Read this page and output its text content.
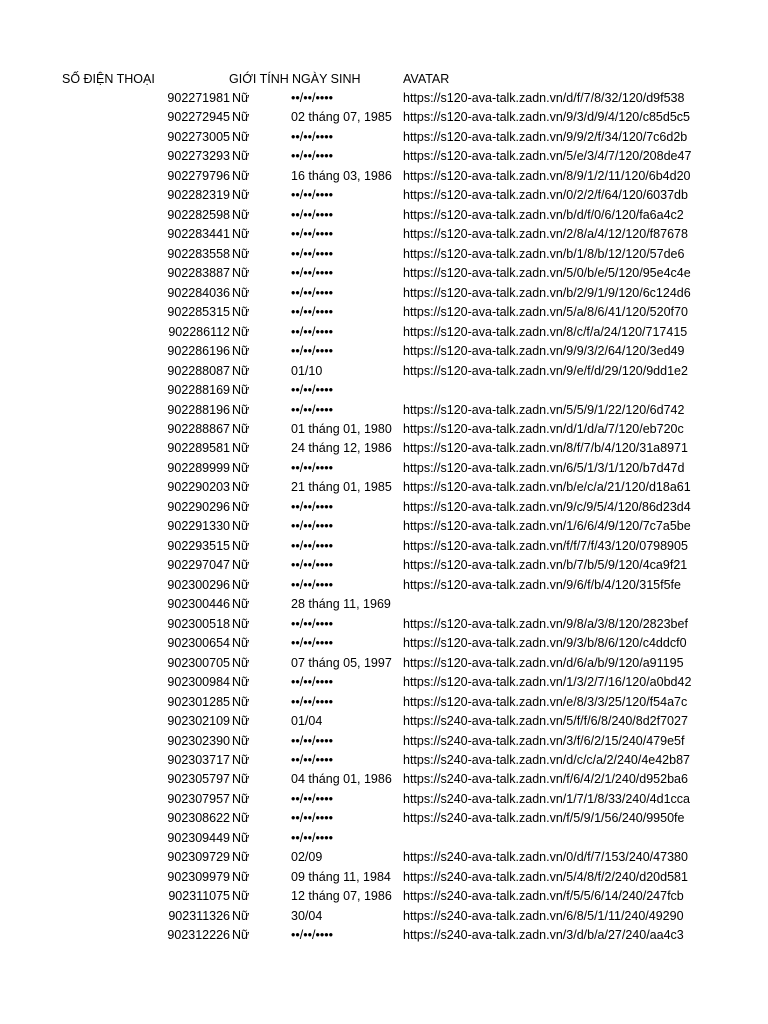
SỐ ĐIỆN THOẠI	GIỚI TÍNH NGÀY SINH	AVATAR
902271981 Nữ	••/••/••••	https://s120-ava-talk.zadn.vn/d/f/7/8/32/120/d9f538
902272945 Nữ	02 tháng 07, 1985 https://s120-ava-talk.zadn.vn/9/3/d/9/4/120/c85d5c5
902273005 Nữ	••/••/••••	https://s120-ava-talk.zadn.vn/9/9/2/f/34/120/7c6d2b
902273293 Nữ	••/••/••••	https://s120-ava-talk.zadn.vn/5/e/3/4/7/120/208de47
902279796 Nữ	16 tháng 03, 1986 https://s120-ava-talk.zadn.vn/8/9/1/2/11/120/6b4d20
902282319 Nữ	••/••/••••	https://s120-ava-talk.zadn.vn/0/2/2/f/64/120/6037db
902282598 Nữ	••/••/••••	https://s120-ava-talk.zadn.vn/b/d/f/0/6/120/fa6a4c2
902283441 Nữ	••/••/••••	https://s120-ava-talk.zadn.vn/2/8/a/4/12/120/f87678
902283558 Nữ	••/••/••••	https://s120-ava-talk.zadn.vn/b/1/8/b/12/120/57de6
902283887 Nữ	••/••/••••	https://s120-ava-talk.zadn.vn/5/0/b/e/5/120/95e4c4e
902284036 Nữ	••/••/••••	https://s120-ava-talk.zadn.vn/b/2/9/1/9/120/6c124d6
902285315 Nữ	••/••/••••	https://s120-ava-talk.zadn.vn/5/a/8/6/41/120/520f70
902286112 Nữ	••/••/••••	https://s120-ava-talk.zadn.vn/8/c/f/a/24/120/717415
902286196 Nữ	••/••/••••	https://s120-ava-talk.zadn.vn/9/9/3/2/64/120/3ed49
902288087 Nữ	01/10	https://s120-ava-talk.zadn.vn/9/e/f/d/29/120/9dd1e2
902288169 Nữ	••/••/••••
902288196 Nữ	••/••/••••	https://s120-ava-talk.zadn.vn/5/5/9/1/22/120/6d742
902288867 Nữ	01 tháng 01, 1980 https://s120-ava-talk.zadn.vn/d/1/d/a/7/120/eb720c
902289581 Nữ	24 tháng 12, 1986 https://s120-ava-talk.zadn.vn/8/f/7/b/4/120/31a8971
902289999 Nữ	••/••/••••	https://s120-ava-talk.zadn.vn/6/5/1/3/1/120/b7d47d
902290203 Nữ	21 tháng 01, 1985 https://s120-ava-talk.zadn.vn/b/e/c/a/21/120/d18a61
902290296 Nữ	••/••/••••	https://s120-ava-talk.zadn.vn/9/c/9/5/4/120/86d23d4
902291330 Nữ	••/••/••••	https://s120-ava-talk.zadn.vn/1/6/6/4/9/120/7c7a5be
902293515 Nữ	••/••/••••	https://s120-ava-talk.zadn.vn/f/f/7/f/43/120/0798905
902297047 Nữ	••/••/••••	https://s120-ava-talk.zadn.vn/b/7/b/5/9/120/4ca9f21
902300296 Nữ	••/••/••••	https://s120-ava-talk.zadn.vn/9/6/f/b/4/120/315f5fe
902300446 Nữ	28 tháng 11, 1969
902300518 Nữ	••/••/••••	https://s120-ava-talk.zadn.vn/9/8/a/3/8/120/2823bef
902300654 Nữ	••/••/••••	https://s120-ava-talk.zadn.vn/9/3/b/8/6/120/c4ddcf0
902300705 Nữ	07 tháng 05, 1997 https://s120-ava-talk.zadn.vn/d/6/a/b/9/120/a91195
902300984 Nữ	••/••/••••	https://s120-ava-talk.zadn.vn/1/3/2/7/16/120/a0bd42
902301285 Nữ	••/••/••••	https://s120-ava-talk.zadn.vn/e/8/3/3/25/120/f54a7c
902302109 Nữ	01/04	https://s240-ava-talk.zadn.vn/5/f/f/6/8/240/8d2f7027
902302390 Nữ	••/••/••••	https://s240-ava-talk.zadn.vn/3/f/6/2/15/240/479e5f
902303717 Nữ	••/••/••••	https://s240-ava-talk.zadn.vn/d/c/c/a/2/240/4e42b87
902305797 Nữ	04 tháng 01, 1986 https://s240-ava-talk.zadn.vn/f/6/4/2/1/240/d952ba6
902307957 Nữ	••/••/••••	https://s240-ava-talk.zadn.vn/1/7/1/8/33/240/4d1cca
902308622 Nữ	••/••/••••	https://s240-ava-talk.zadn.vn/f/5/9/1/56/240/9950fe
902309449 Nữ	••/••/••••
902309729 Nữ	02/09	https://s240-ava-talk.zadn.vn/0/d/f/7/153/240/47380
902309979 Nữ	09 tháng 11, 1984 https://s240-ava-talk.zadn.vn/5/4/8/f/2/240/d20d581
902311075 Nữ	12 tháng 07, 1986 https://s240-ava-talk.zadn.vn/f/5/5/6/14/240/247fcb
902311326 Nữ	30/04	https://s240-ava-talk.zadn.vn/6/8/5/1/11/240/49290
902312226 Nữ	••/••/••••	https://s240-ava-talk.zadn.vn/3/d/b/a/27/240/aa4c3
